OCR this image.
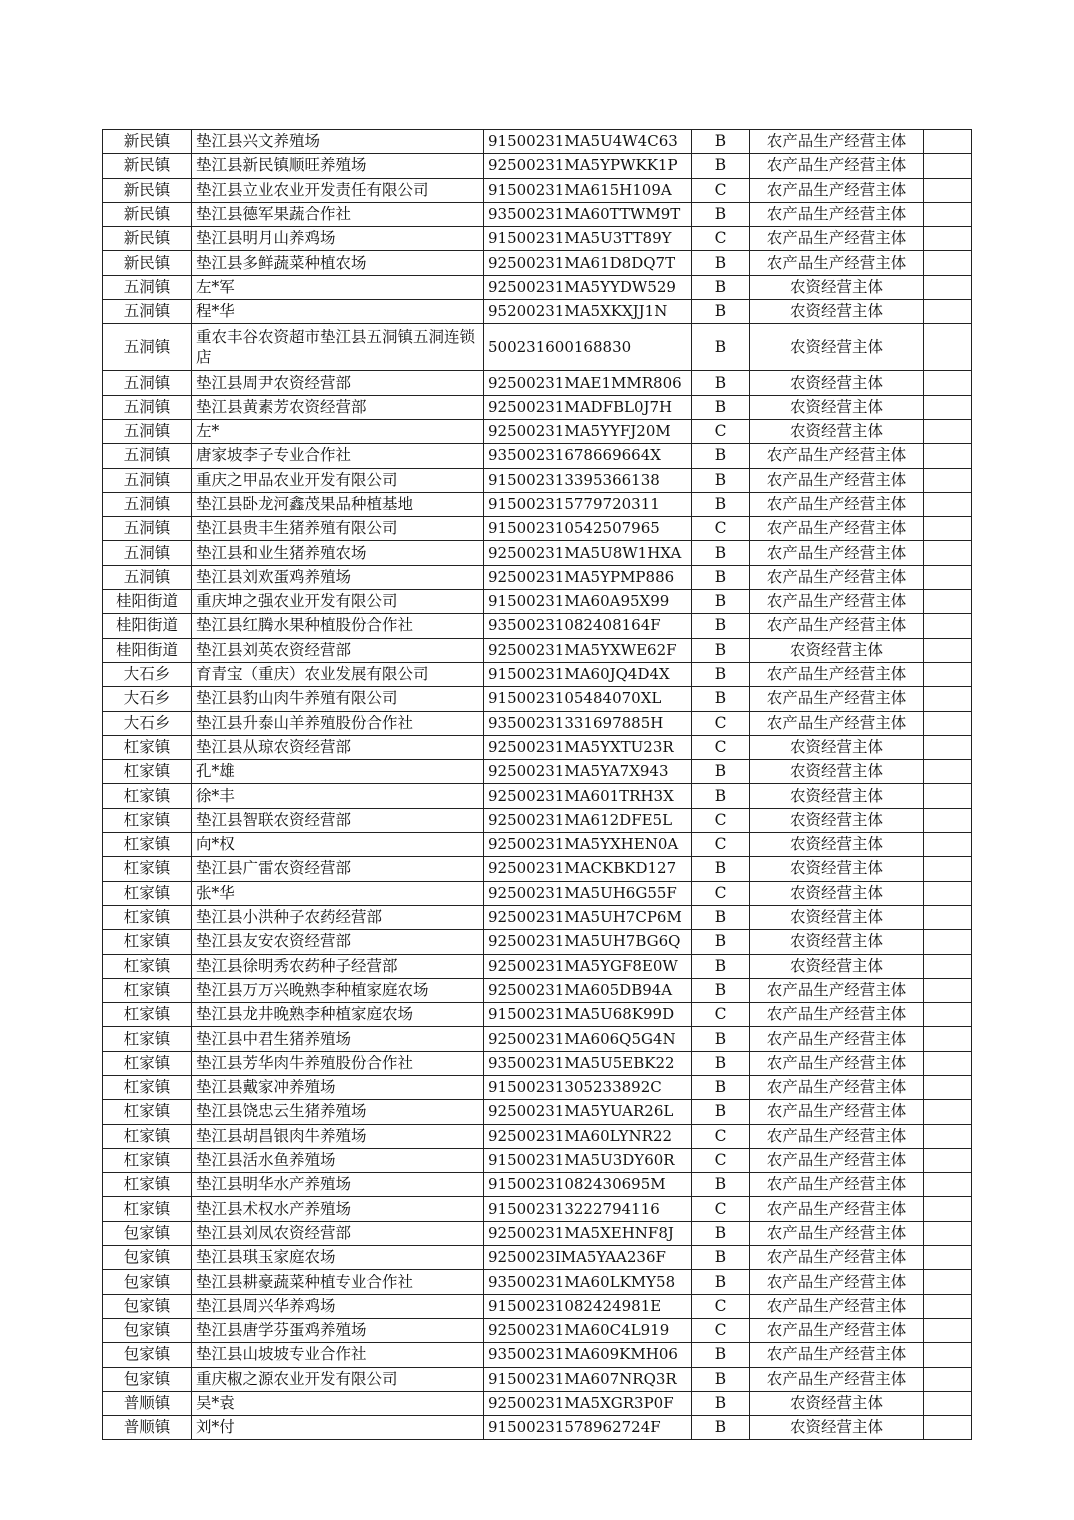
新民镇	垫江县兴文养殖场	91500231MA5U4W4C63	B	农产品生产经营主体	
新民镇	垫江县新民镇顺旺养殖场	92500231MA5YPWKK1P	B	农产品生产经营主体	
新民镇	垫江县立业农业开发责任有限公司	91500231MA615H109A	C	农产品生产经营主体	
新民镇	垫江县德军果蔬合作社	93500231MA60TTWM9T	B	农产品生产经营主体	
新民镇	垫江县明月山养鸡场	91500231MA5U3TT89Y	C	农产品生产经营主体	
新民镇	垫江县多鲜蔬菜种植农场	92500231MA61D8DQ7T	B	农产品生产经营主体	
五洞镇	左*军	92500231MA5YYDW529	B	农资经营主体	
五洞镇	程*华	95200231MA5XKXJJ1N	B	农资经营主体	
五洞镇	重农丰谷农资超市垫江县五洞镇五洞连锁店	500231600168830	B	农资经营主体	
五洞镇	垫江县周尹农资经营部	92500231MAE1MMR806	B	农资经营主体	
五洞镇	垫江县黄素芳农资经营部	92500231MADFBL0J7H	B	农资经营主体	
五洞镇	左*	92500231MA5YYFJ20M	C	农资经营主体	
五洞镇	唐家坡李子专业合作社	93500231678669664X	B	农产品生产经营主体	
五洞镇	重庆之甲品农业开发有限公司	915002313395366138	B	农产品生产经营主体	
五洞镇	垫江县卧龙河鑫茂果品种植基地	915002315779720311	B	农产品生产经营主体	
五洞镇	垫江县贵丰生猪养殖有限公司	915002310542507965	C	农产品生产经营主体	
五洞镇	垫江县和业生猪养殖农场	92500231MA5U8W1HXA	B	农产品生产经营主体	
五洞镇	垫江县刘欢蛋鸡养殖场	92500231MA5YPMP886	B	农产品生产经营主体	
桂阳街道	重庆坤之强农业开发有限公司	91500231MA60A95X99	B	农产品生产经营主体	
桂阳街道	垫江县红腾水果种植股份合作社	93500231082408164F	B	农产品生产经营主体	
桂阳街道	垫江县刘英农资经营部	92500231MA5YXWE62F	B	农资经营主体	
大石乡	育青宝（重庆）农业发展有限公司	91500231MA60JQ4D4X	B	农产品生产经营主体	
大石乡	垫江县豹山肉牛养殖有限公司	9150023105484070XL	B	农产品生产经营主体	
大石乡	垫江县升泰山羊养殖股份合作社	93500231331697885H	C	农产品生产经营主体	
杠家镇	垫江县从琼农资经营部	92500231MA5YXTU23R	C	农资经营主体	
杠家镇	孔*雄	92500231MA5YA7X943	B	农资经营主体	
杠家镇	徐*丰	92500231MA601TRH3X	B	农资经营主体	
杠家镇	垫江县智联农资经营部	92500231MA612DFE5L	C	农资经营主体	
杠家镇	向*权	92500231MA5YXHEN0A	C	农资经营主体	
杠家镇	垫江县广雷农资经营部	92500231MACKBKD127	B	农资经营主体	
杠家镇	张*华	92500231MA5UH6G55F	C	农资经营主体	
杠家镇	垫江县小洪种子农药经营部	92500231MA5UH7CP6M	B	农资经营主体	
杠家镇	垫江县友安农资经营部	92500231MA5UH7BG6Q	B	农资经营主体	
杠家镇	垫江县徐明秀农药种子经营部	92500231MA5YGF8E0W	B	农资经营主体	
杠家镇	垫江县万万兴晚熟李种植家庭农场	92500231MA605DB94A	B	农产品生产经营主体	
杠家镇	垫江县龙井晚熟李种植家庭农场	91500231MA5U68K99D	C	农产品生产经营主体	
杠家镇	垫江县中君生猪养殖场	92500231MA606Q5G4N	B	农产品生产经营主体	
杠家镇	垫江县芳华肉牛养殖股份合作社	93500231MA5U5EBK22	B	农产品生产经营主体	
杠家镇	垫江县戴家冲养殖场	91500231305233892C	B	农产品生产经营主体	
杠家镇	垫江县饶忠云生猪养殖场	92500231MA5YUAR26L	B	农产品生产经营主体	
杠家镇	垫江县胡昌银肉牛养殖场	92500231MA60LYNR22	C	农产品生产经营主体	
杠家镇	垫江县活水鱼养殖场	91500231MA5U3DY60R	C	农产品生产经营主体	
杠家镇	垫江县明华水产养殖场	91500231082430695M	B	农产品生产经营主体	
杠家镇	垫江县术权水产养殖场	915002313222794116	C	农产品生产经营主体	
包家镇	垫江县刘凤农资经营部	92500231MA5XEHNF8J	B	农产品生产经营主体	
包家镇	垫江县琪玉家庭农场	9250023IMA5YAA236F	B	农产品生产经营主体	
包家镇	垫江县耕豪蔬菜种植专业合作社	93500231MA60LKMY58	B	农产品生产经营主体	
包家镇	垫江县周兴华养鸡场	91500231082424981E	C	农产品生产经营主体	
包家镇	垫江县唐学芬蛋鸡养殖场	92500231MA60C4L919	C	农产品生产经营主体	
包家镇	垫江县山坡坡专业合作社	93500231MA609KMH06	B	农产品生产经营主体	
包家镇	重庆椒之源农业开发有限公司	91500231MA607NRQ3R	B	农产品生产经营主体	
普顺镇	吴*袁	92500231MA5XGR3P0F	B	农资经营主体	
普顺镇	刘*付	91500231578962724F	B	农资经营主体	
